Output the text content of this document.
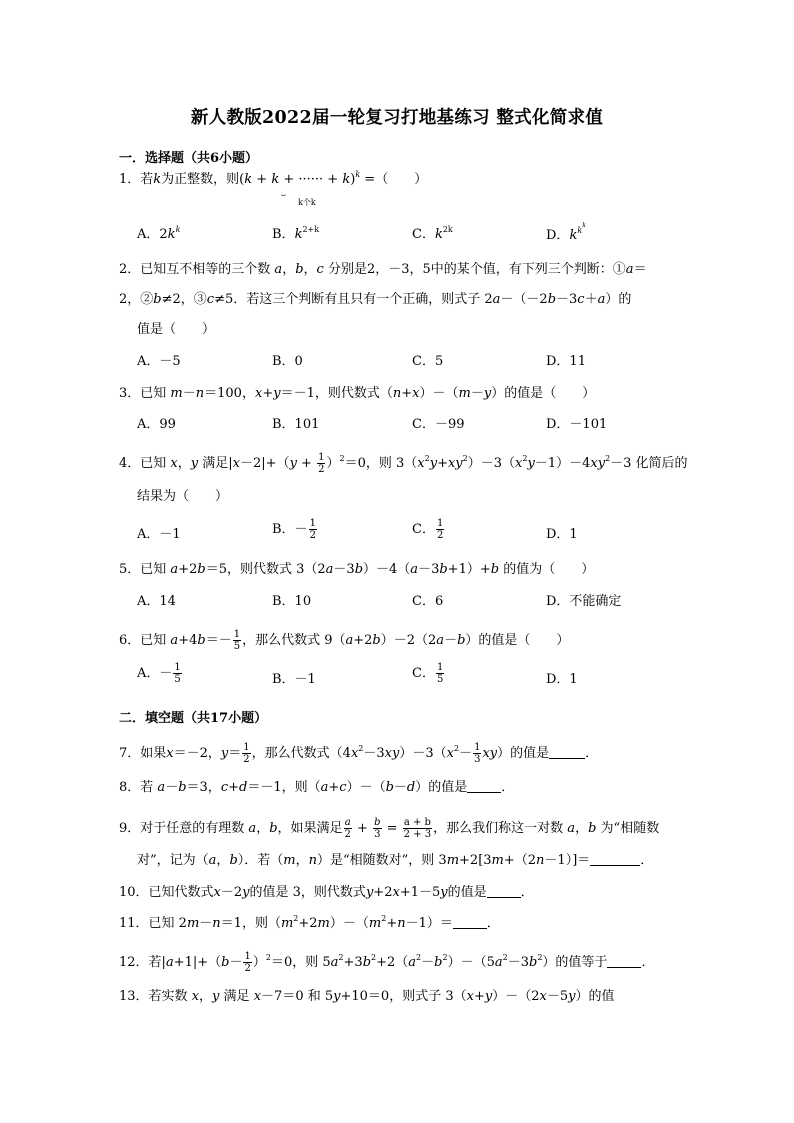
新人教版2022届一轮复习打地基练习 整式化简求值
一．选择题（共6小题）
1．若k为正整数，则(k + k + ······ + k)$^k$ =（　　）
⏟
k个k
A．$2k^k$	B．$k^{2+k}$	C．$k^{2k}$	D．$k^{k^k}$
2．已知互不相等的三个数 a，b，c 分别是2，－3，5中的某个值，有下列三个判断：①a＝
2，②b≠2，③c≠5．若这三个判断有且只有一个正确，则式子 2a－（－2b－3c＋a）的
值是（　　）
A．－5	B．0	C．5	D．11
3．已知 m－n＝100，x+y＝－1，则代数式（n+x）－（m－y）的值是（　　）
A．99	B．101	C．－99	D．－101
4．已知 x，y 满足$|x-2|+(y + \frac{1}{2} )^2=0$，则 $3(x^2y+xy^2)-3(x^2y-1)-4xy^2-3$ 化简后的
结果为（　　）
A．－1	B．－ $\frac{1}{2}$	C． $\frac{1}{2}$	D．1
5．已知 a+2b＝5，则代数式 3（2a－3b）－4（a－3b+1）+b 的值为（　　）
A．14	B．10	C．6	D．不能确定
6．已知 $a+4b=- \frac{1}{5}$ ，那么代数式 9（a+2b）－2（2a－b）的值是（　　）
A．－ $\frac{1}{5}$	B．－1	C． $\frac{1}{5}$	D．1
二．填空题（共17小题）
7．如果x＝－2，$y= \frac{1}{2}$ ，那么代数式$(4x^2-3xy)-3(x^2- \frac{1}{3} xy)$的值是	．
8．若 a－b＝3，c+d＝－1，则（a+c）－（b－d）的值是	．
9．对于任意的有理数 a，b，如果满足 $\frac{a}{2} + \frac{b}{3} = \frac{a + b}{2 + 3}$ ，那么我们称这一对数 a，b 为“相随数
对”，记为（a，b）．若（m，n）是“相随数对”，则 3m+2[3m+（2n－1）]＝	．
10．已知代数式x－2y的值是 3，则代数式y+2x+1－5y的值是	．
11．已知 2m－n＝1，则$(m^2+2m)-(m^2+n-1)=$	．
12．若$|a+1|+(b- \frac{1}{2} )^2=0$，则 $5a^2+3b^2+2(a^2-b^2)-(5a^2-3b^2)$的值等于	．
13．若实数 x，y 满足 x－7＝0 和 5y+10＝0，则式子 3（x+y）－（2x－5y）的值
